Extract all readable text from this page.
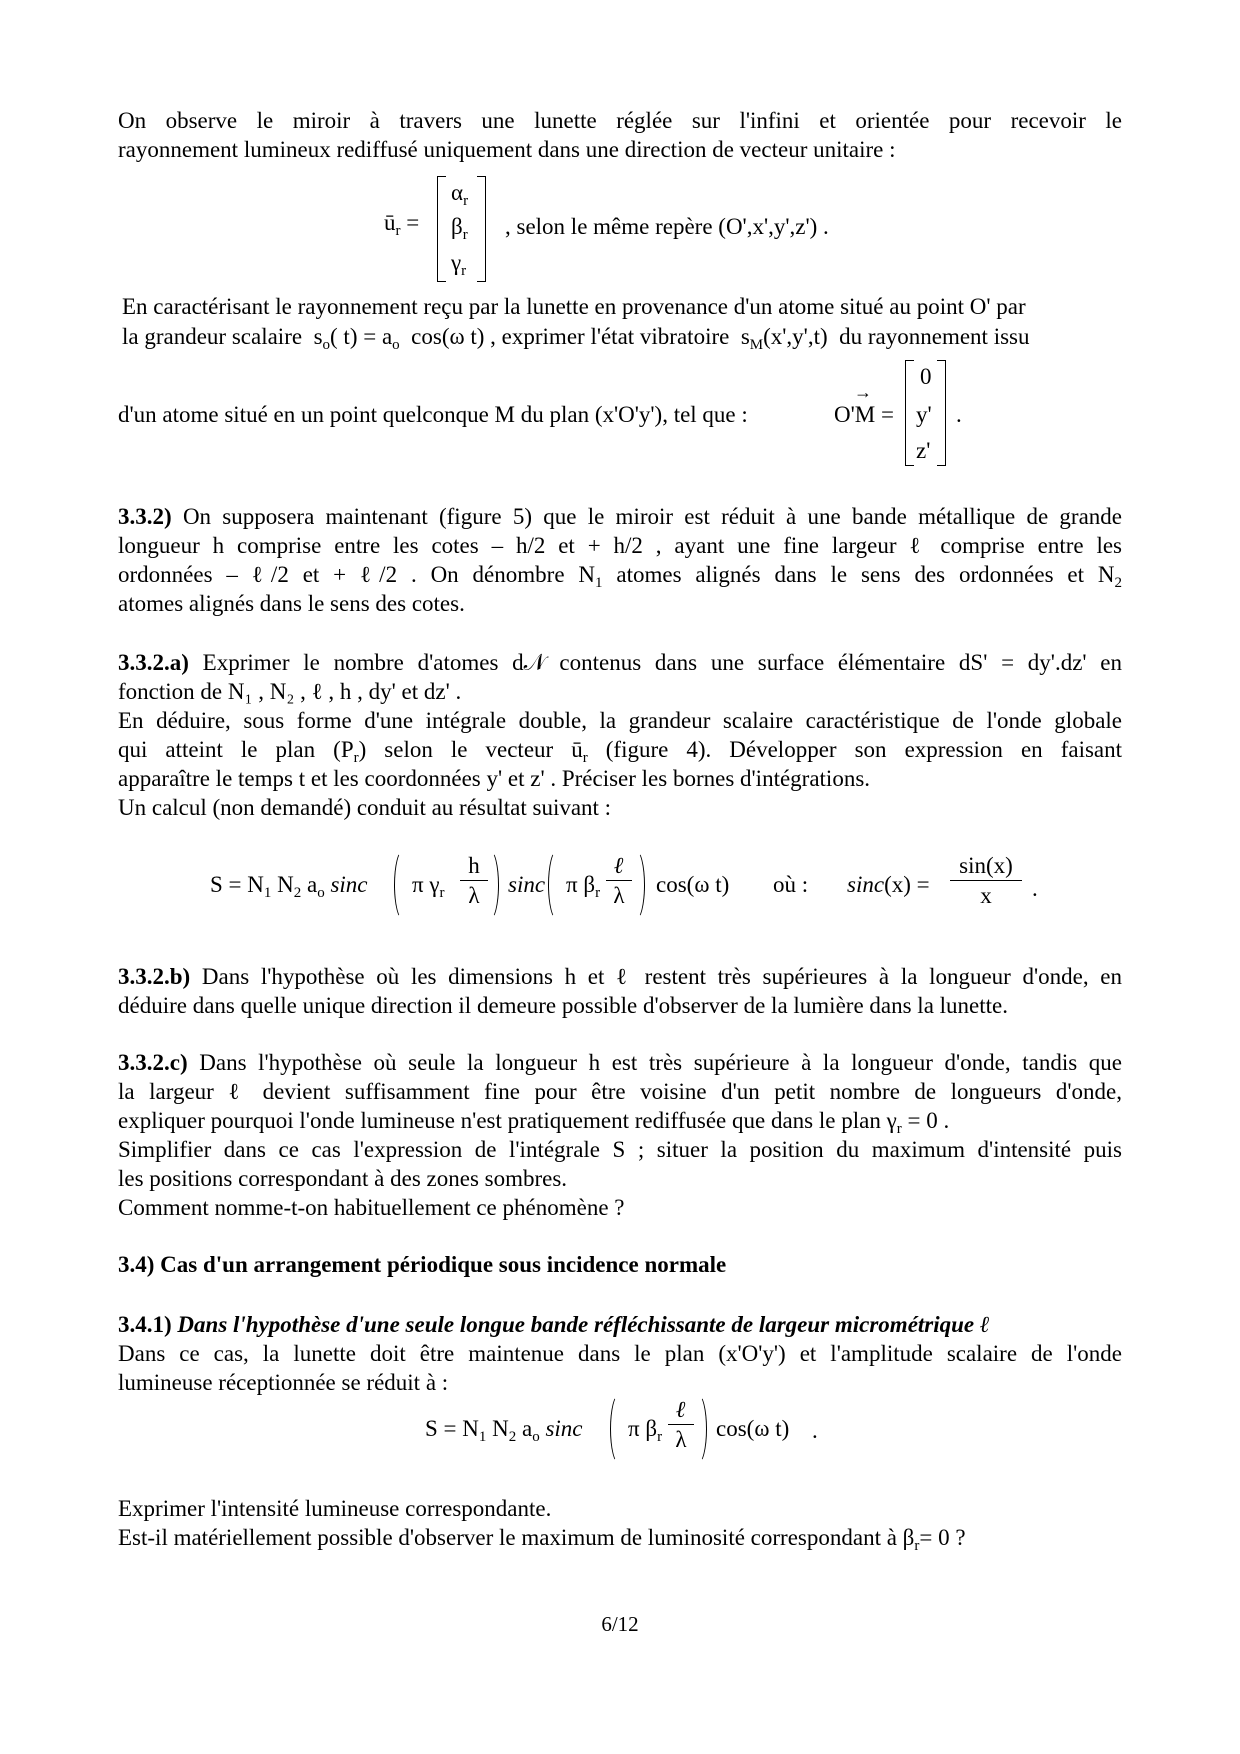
On observe le miroir à travers une lunette réglée sur l'infini et orientée pour recevoir le
rayonnement lumineux rediffusé uniquement dans une direction de vecteur unitaire :
$ū_r$ =
$\alpha_r$
$\beta_r$
$\gamma_r$
, selon le même repère (O',x',y',z') .
En caractérisant le rayonnement reçu par la lunette en provenance d'un atome situé au point O' par
la grandeur scalaire $s_o$( $t) = a_o$ cos(ω t) , exprimer l'état vibratoire $s_M(x',y',t)$ du rayonnement issu
d'un atome situé en un point quelconque M du plan (x'O'y'), tel que :
→
O'M =
0
y'
z'
.
3.3.2) On supposera maintenant (figure 5) que le miroir est réduit à une bande métallique de grande
longueur h comprise entre les cotes – h/2 et + h/2 , ayant une fine largeur ℓ comprise entre les
ordonnées – ℓ/2 et + ℓ/2 . On dénombre $N_1$ atomes alignés dans le sens des ordonnées et $N_2$
atomes alignés dans le sens des cotes.
3.3.2.a) Exprimer le nombre d'atomes d𝒩 contenus dans une surface élémentaire dS' = dy'.dz' en
fonction de N₁ , N₂ , ℓ , h , dy' et dz' .
En déduire, sous forme d'une intégrale double, la grandeur scalaire caractéristique de l'onde globale
qui atteint le plan $(P_r)$ selon le vecteur $ū_r$ (figure 4). Développer son expression en faisant
apparaître le temps t et les coordonnées y' et z' . Préciser les bornes d'intégrations.
Un calcul (non demandé) conduit au résultat suivant :
$S = N_1$ $N_2$ $a_o$ sinc π $\gamma_r$
h
λ	sinc π $\beta_r$
ℓ
λ	cos(ω t) où : sinc(x) =
sin(x)
x	.
3.3.2.b) Dans l'hypothèse où les dimensions h et ℓ restent très supérieures à la longueur d'onde, en
déduire dans quelle unique direction il demeure possible d'observer de la lumière dans la lunette.
3.3.2.c) Dans l'hypothèse où seule la longueur h est très supérieure à la longueur d'onde, tandis que
la largeur ℓ devient suffisamment fine pour être voisine d'un petit nombre de longueurs d'onde,
expliquer pourquoi l'onde lumineuse n'est pratiquement rediffusée que dans le plan $\gamma_r = 0$ .
Simplifier dans ce cas l'expression de l'intégrale S ; situer la position du maximum d'intensité puis
les positions correspondant à des zones sombres.
Comment nomme-t-on habituellement ce phénomène ?
3.4) Cas d'un arrangement périodique sous incidence normale
3.4.1) Dans l'hypothèse d'une seule longue bande réfléchissante de largeur micrométrique ℓ
Dans ce cas, la lunette doit être maintenue dans le plan (x'O'y') et l'amplitude scalaire de l'onde
lumineuse réceptionnée se réduit à :
$S = N_1$ $N_2$ $a_o$ sinc π $\beta_r$
ℓ
λ	cos(ω t) .
Exprimer l'intensité lumineuse correspondante.
Est-il matériellement possible d'observer le maximum de luminosité correspondant à $\beta_r= 0$ ?
6/12
